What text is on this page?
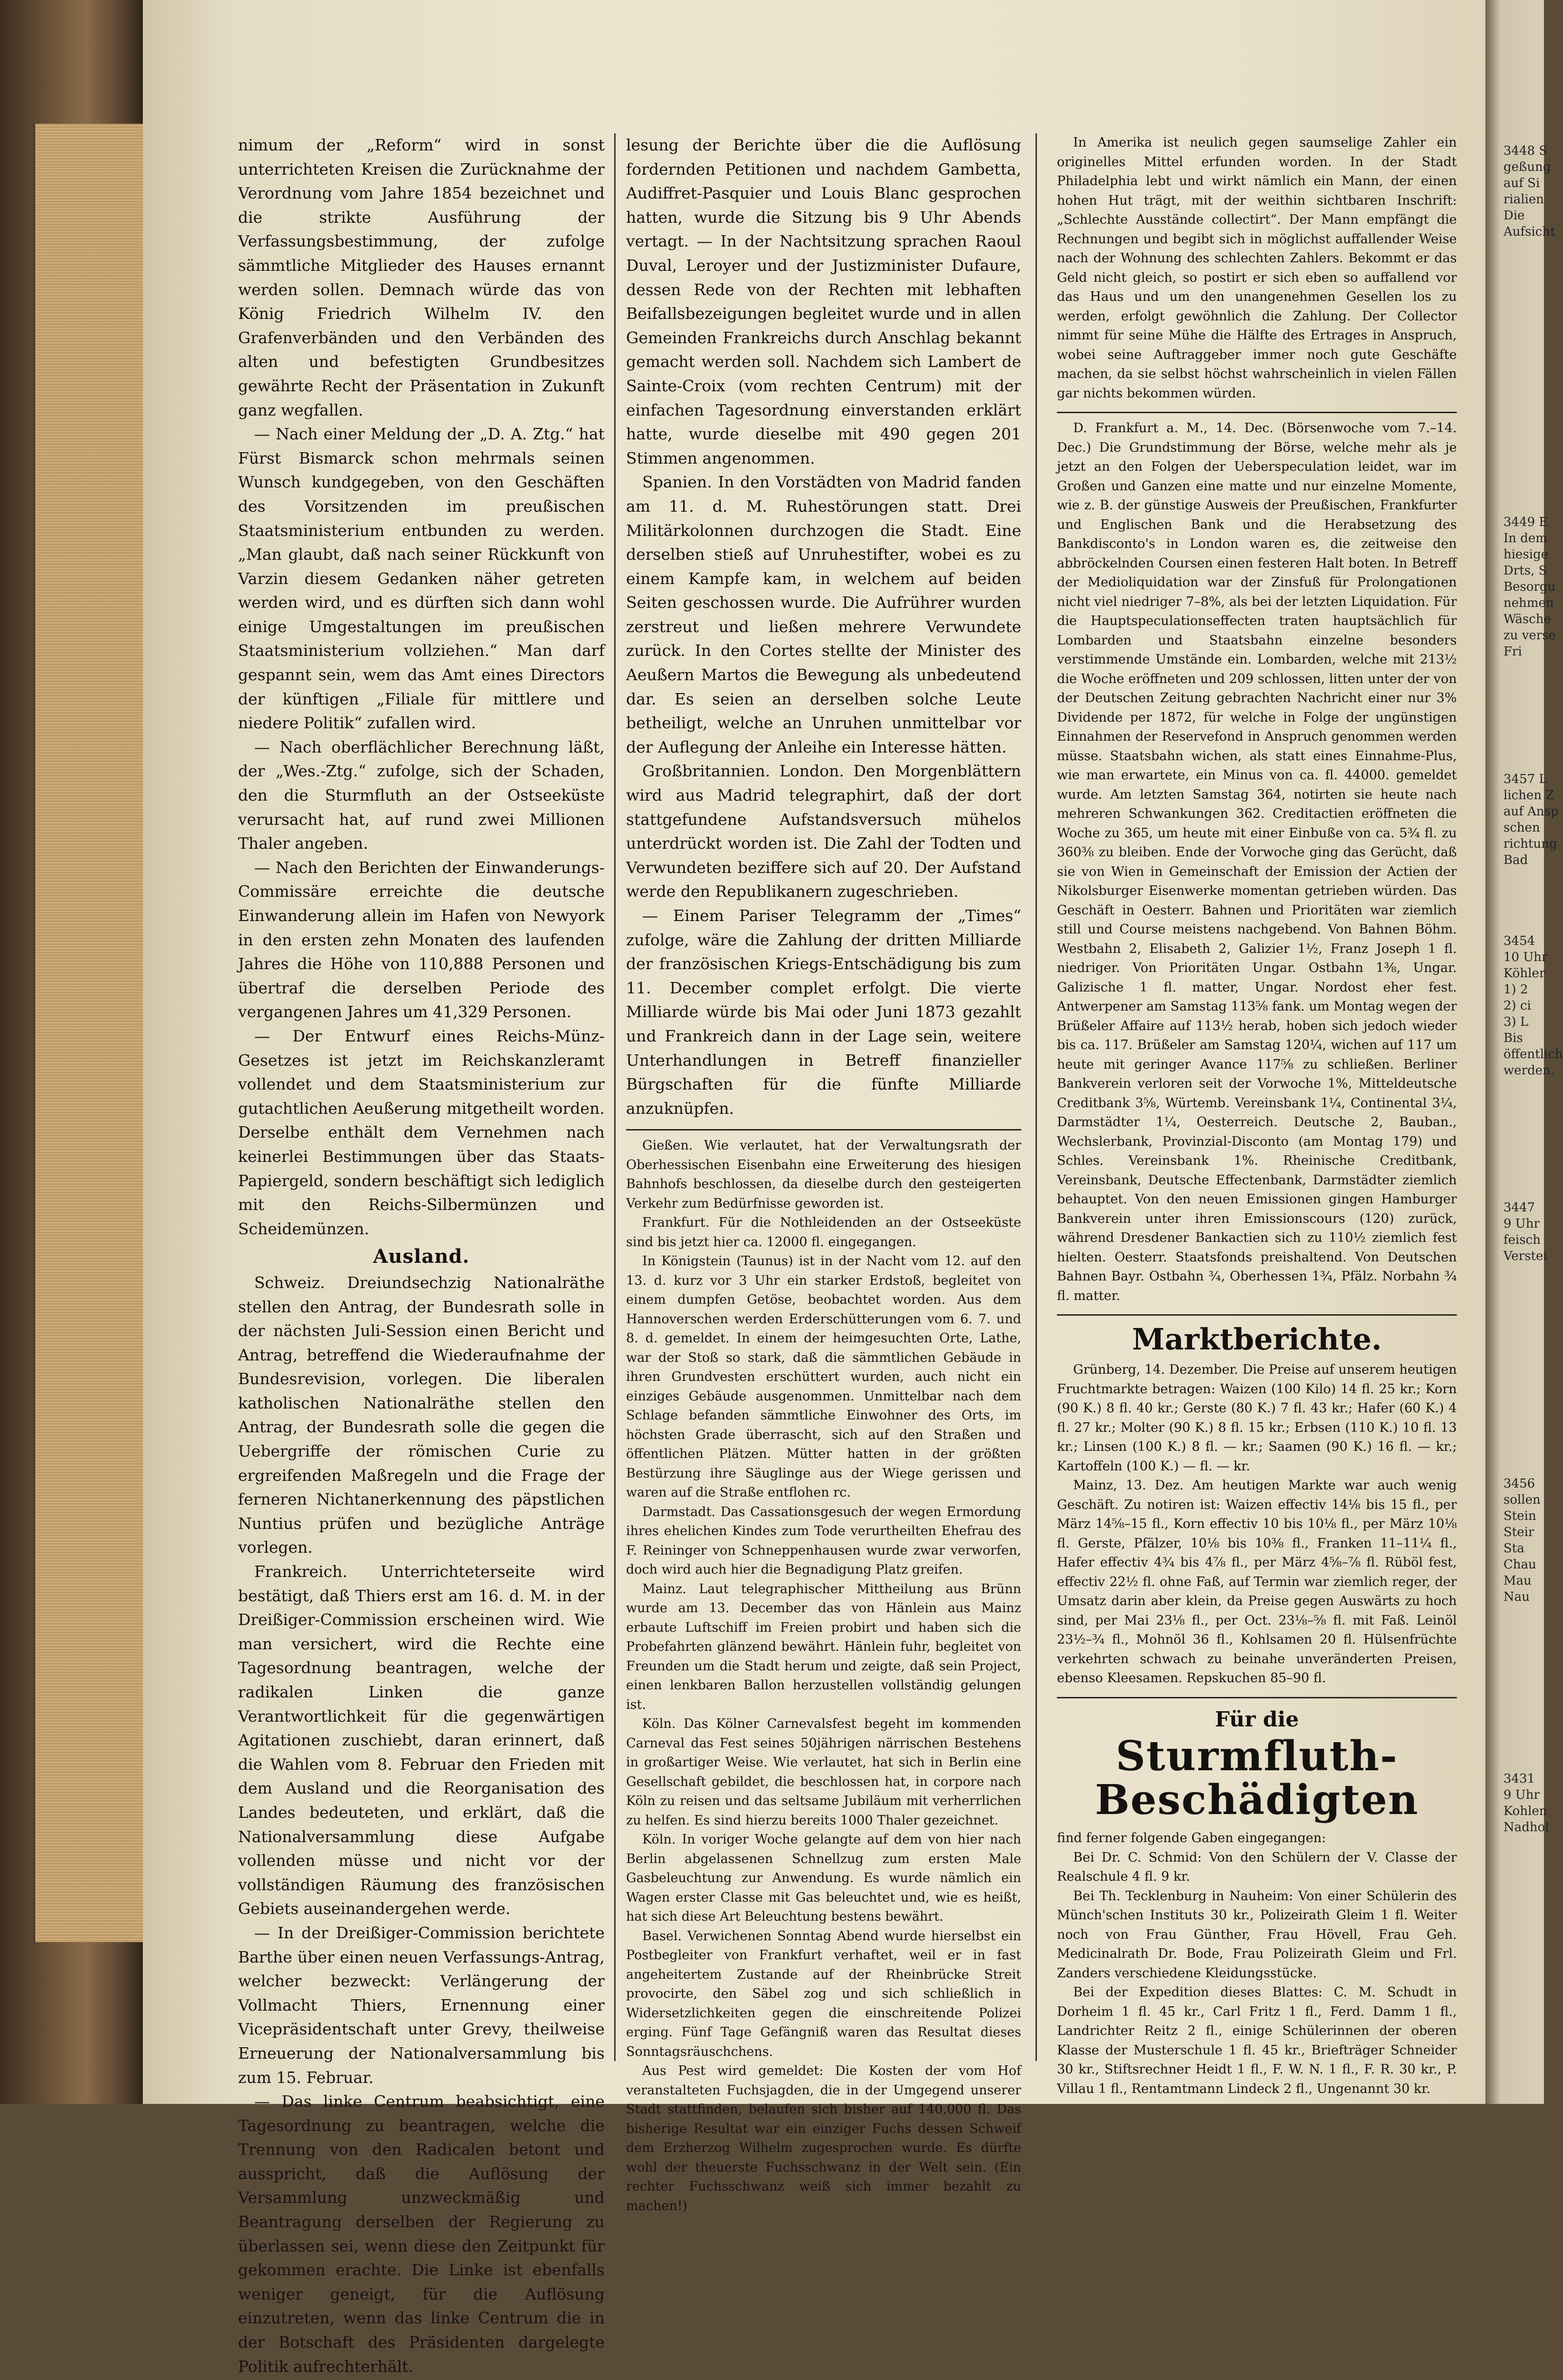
3448 S
geßung
auf Si
rialien
Die
Aufsicht
3449 E
In dem
hiesige
Drts, S
Besorgu
nehmen
Wäsche
zu verse
Fri
3457 L
lichen Z
auf Ansp
schen
richtung
Bad
3454
10 Uhr
Köhler
1) 2
2) ci
3) L
Bis
öffentlich
werden.
3447
9 Uhr
feisch
Verstei
3456
sollen
Stein
Steir
Sta
Chau
Mau
Nau
3431
9 Uhr
Kohlen
Nadhol

nimum der „Reform“ wird in sonst unterrichteten Kreisen die Zurücknahme der Verordnung vom Jahre 1854 bezeichnet und die strikte Ausführung der Verfassungsbestimmung, der zufolge sämmtliche Mitglieder des Hauses ernannt werden sollen. Demnach würde das von König Friedrich Wilhelm IV. den Grafenverbänden und den Verbänden des alten und befestigten Grundbesitzes gewährte Recht der Präsentation in Zukunft ganz wegfallen.

— Nach einer Meldung der „D. A. Ztg.“ hat Fürst Bismarck schon mehrmals seinen Wunsch kundgegeben, von den Geschäften des Vorsitzenden im preußischen Staatsministerium entbunden zu werden. „Man glaubt, daß nach seiner Rückkunft von Varzin diesem Gedanken näher getreten werden wird, und es dürften sich dann wohl einige Umgestaltungen im preußischen Staatsministerium vollziehen.“ Man darf gespannt sein, wem das Amt eines Directors der künftigen „Filiale für mittlere und niedere Politik“ zufallen wird.

— Nach oberflächlicher Berechnung läßt, der „Wes.-Ztg.“ zufolge, sich der Schaden, den die Sturmfluth an der Ostseeküste verursacht hat, auf rund zwei Millionen Thaler angeben.

— Nach den Berichten der Einwanderungs-Commissäre erreichte die deutsche Einwanderung allein im Hafen von Newyork in den ersten zehn Monaten des laufenden Jahres die Höhe von 110,888 Personen und übertraf die derselben Periode des vergangenen Jahres um 41,329 Personen.

— Der Entwurf eines Reichs-Münz-Gesetzes ist jetzt im Reichskanzleramt vollendet und dem Staatsministerium zur gutachtlichen Aeußerung mitgetheilt worden. Derselbe enthält dem Vernehmen nach keinerlei Bestimmungen über das Staats-Papiergeld, sondern beschäftigt sich lediglich mit den Reichs-Silbermünzen und Scheidemünzen.

Ausland.

Schweiz. Dreiundsechzig Nationalräthe stellen den Antrag, der Bundesrath solle in der nächsten Juli-Session einen Bericht und Antrag, betreffend die Wiederaufnahme der Bundesrevision, vorlegen. Die liberalen katholischen Nationalräthe stellen den Antrag, der Bundesrath solle die gegen die Uebergriffe der römischen Curie zu ergreifenden Maßregeln und die Frage der ferneren Nichtanerkennung des päpstlichen Nuntius prüfen und bezügliche Anträge vorlegen.

Frankreich. Unterrichteterseite wird bestätigt, daß Thiers erst am 16. d. M. in der Dreißiger-Commission erscheinen wird. Wie man versichert, wird die Rechte eine Tagesordnung beantragen, welche der radikalen Linken die ganze Verantwortlichkeit für die gegenwärtigen Agitationen zuschiebt, daran erinnert, daß die Wahlen vom 8. Februar den Frieden mit dem Ausland und die Reorganisation des Landes bedeuteten, und erklärt, daß die Nationalversammlung diese Aufgabe vollenden müsse und nicht vor der vollständigen Räumung des französischen Gebiets auseinandergehen werde.

— In der Dreißiger-Commission berichtete Barthe über einen neuen Verfassungs-Antrag, welcher bezweckt: Verlängerung der Vollmacht Thiers, Ernennung einer Vicepräsidentschaft unter Grevy, theilweise Erneuerung der Nationalversammlung bis zum 15. Februar.

— Das linke Centrum beabsichtigt, eine Tagesordnung zu beantragen, welche die Trennung von den Radicalen betont und ausspricht, daß die Auflösung der Versammlung unzweckmäßig und Beantragung derselben der Regierung zu überlassen sei, wenn diese den Zeitpunkt für gekommen erachte. Die Linke ist ebenfalls weniger geneigt, für die Auflösung einzutreten, wenn das linke Centrum die in der Botschaft des Präsidenten dargelegte Politik aufrechterhält.

lesung der Berichte über die die Auflösung fordernden Petitionen und nachdem Gambetta, Audiffret-Pasquier und Louis Blanc gesprochen hatten, wurde die Sitzung bis 9 Uhr Abends vertagt. — In der Nachtsitzung sprachen Raoul Duval, Leroyer und der Justizminister Dufaure, dessen Rede von der Rechten mit lebhaften Beifallsbezeigungen begleitet wurde und in allen Gemeinden Frankreichs durch Anschlag bekannt gemacht werden soll. Nachdem sich Lambert de Sainte-Croix (vom rechten Centrum) mit der einfachen Tagesordnung einverstanden erklärt hatte, wurde dieselbe mit 490 gegen 201 Stimmen angenommen.

Spanien. In den Vorstädten von Madrid fanden am 11. d. M. Ruhestörungen statt. Drei Militärkolonnen durchzogen die Stadt. Eine derselben stieß auf Unruhestifter, wobei es zu einem Kampfe kam, in welchem auf beiden Seiten geschossen wurde. Die Aufrührer wurden zerstreut und ließen mehrere Verwundete zurück. In den Cortes stellte der Minister des Aeußern Martos die Bewegung als unbedeutend dar. Es seien an derselben solche Leute betheiligt, welche an Unruhen unmittelbar vor der Auflegung der Anleihe ein Interesse hätten.

Großbritannien. London. Den Morgenblättern wird aus Madrid telegraphirt, daß der dort stattgefundene Aufstandsversuch mühelos unterdrückt worden ist. Die Zahl der Todten und Verwundeten beziffere sich auf 20. Der Aufstand werde den Republikanern zugeschrieben.

— Einem Pariser Telegramm der „Times“ zufolge, wäre die Zahlung der dritten Milliarde der französischen Kriegs-Entschädigung bis zum 11. December complet erfolgt. Die vierte Milliarde würde bis Mai oder Juni 1873 gezahlt und Frankreich dann in der Lage sein, weitere Unterhandlungen in Betreff finanzieller Bürgschaften für die fünfte Milliarde anzuknüpfen.

Gießen. Wie verlautet, hat der Verwaltungsrath der Oberhessischen Eisenbahn eine Erweiterung des hiesigen Bahnhofs beschlossen, da dieselbe durch den gesteigerten Verkehr zum Bedürfnisse geworden ist.

Frankfurt. Für die Nothleidenden an der Ostseeküste sind bis jetzt hier ca. 12000 fl. eingegangen.

In Königstein (Taunus) ist in der Nacht vom 12. auf den 13. d. kurz vor 3 Uhr ein starker Erdstoß, begleitet von einem dumpfen Getöse, beobachtet worden. Aus dem Hannoverschen werden Erderschütterungen vom 6. 7. und 8. d. gemeldet. In einem der heimgesuchten Orte, Lathe, war der Stoß so stark, daß die sämmtlichen Gebäude in ihren Grundvesten erschüttert wurden, auch nicht ein einziges Gebäude ausgenommen. Unmittelbar nach dem Schlage befanden sämmtliche Einwohner des Orts, im höchsten Grade überrascht, sich auf den Straßen und öffentlichen Plätzen. Mütter hatten in der größten Bestürzung ihre Säuglinge aus der Wiege gerissen und waren auf die Straße entflohen rc.

Darmstadt. Das Cassationsgesuch der wegen Ermordung ihres ehelichen Kindes zum Tode verurtheilten Ehefrau des F. Reininger von Schneppenhausen wurde zwar verworfen, doch wird auch hier die Begnadigung Platz greifen.

Mainz. Laut telegraphischer Mittheilung aus Brünn wurde am 13. December das von Hänlein aus Mainz erbaute Luftschiff im Freien probirt und haben sich die Probefahrten glänzend bewährt. Hänlein fuhr, begleitet von Freunden um die Stadt herum und zeigte, daß sein Project, einen lenkbaren Ballon herzustellen vollständig gelungen ist.

Köln. Das Kölner Carnevalsfest begeht im kommenden Carneval das Fest seines 50jährigen närrischen Bestehens in großartiger Weise. Wie verlautet, hat sich in Berlin eine Gesellschaft gebildet, die beschlossen hat, in corpore nach Köln zu reisen und das seltsame Jubiläum mit verherrlichen zu helfen. Es sind hierzu bereits 1000 Thaler gezeichnet.

Köln. In voriger Woche gelangte auf dem von hier nach Berlin abgelassenen Schnellzug zum ersten Male Gasbeleuchtung zur Anwendung. Es wurde nämlich ein Wagen erster Classe mit Gas beleuchtet und, wie es heißt, hat sich diese Art Beleuchtung bestens bewährt.

Basel. Verwichenen Sonntag Abend wurde hierselbst ein Postbegleiter von Frankfurt verhaftet, weil er in fast angeheitertem Zustande auf der Rheinbrücke Streit provocirte, den Säbel zog und sich schließlich in Widersetzlichkeiten gegen die einschreitende Polizei erging. Fünf Tage Gefängniß waren das Resultat dieses Sonntagsräuschchens.

Aus Pest wird gemeldet: Die Kosten der vom Hof veranstalteten Fuchsjagden, die in der Umgegend unserer Stadt stattfinden, belaufen sich bisher auf 140,000 fl. Das bisherige Resultat war ein einziger Fuchs dessen Schweif dem Erzherzog Wilhelm zugesprochen wurde. Es dürfte wohl der theuerste Fuchsschwanz in der Welt sein. (Ein rechter Fuchsschwanz weiß sich immer bezahlt zu machen!)

In Amerika ist neulich gegen saumselige Zahler ein originelles Mittel erfunden worden. In der Stadt Philadelphia lebt und wirkt nämlich ein Mann, der einen hohen Hut trägt, mit der weithin sichtbaren Inschrift: „Schlechte Ausstände collectirt“. Der Mann empfängt die Rechnungen und begibt sich in möglichst auffallender Weise nach der Wohnung des schlechten Zahlers. Bekommt er das Geld nicht gleich, so postirt er sich eben so auffallend vor das Haus und um den unangenehmen Gesellen los zu werden, erfolgt gewöhnlich die Zahlung. Der Collector nimmt für seine Mühe die Hälfte des Ertrages in Anspruch, wobei seine Auftraggeber immer noch gute Geschäfte machen, da sie selbst höchst wahrscheinlich in vielen Fällen gar nichts bekommen würden.

D. Frankfurt a. M., 14. Dec. (Börsenwoche vom 7.–14. Dec.) Die Grundstimmung der Börse, welche mehr als je jetzt an den Folgen der Ueberspeculation leidet, war im Großen und Ganzen eine matte und nur einzelne Momente, wie z. B. der günstige Ausweis der Preußischen, Frankfurter und Englischen Bank und die Herabsetzung des Bankdisconto's in London waren es, die zeitweise den abbröckelnden Coursen einen festeren Halt boten. In Betreff der Medioliquidation war der Zinsfuß für Prolongationen nicht viel niedriger 7–8%, als bei der letzten Liquidation. Für die Hauptspeculationseffecten traten hauptsächlich für Lombarden und Staatsbahn einzelne besonders verstimmende Umstände ein. Lombarden, welche mit 213½ die Woche eröffneten und 209 schlossen, litten unter der von der Deutschen Zeitung gebrachten Nachricht einer nur 3% Dividende per 1872, für welche in Folge der ungünstigen Einnahmen der Reservefond in Anspruch genommen werden müsse. Staatsbahn wichen, als statt eines Einnahme-Plus, wie man erwartete, ein Minus von ca. fl. 44000. gemeldet wurde. Am letzten Samstag 364, notirten sie heute nach mehreren Schwankungen 362. Creditactien eröffneten die Woche zu 365, um heute mit einer Einbuße von ca. 5¾ fl. zu 360⅜ zu bleiben. Ende der Vorwoche ging das Gerücht, daß sie von Wien in Gemeinschaft der Emission der Actien der Nikolsburger Eisenwerke momentan getrieben würden. Das Geschäft in Oesterr. Bahnen und Prioritäten war ziemlich still und Course meistens nachgebend. Von Bahnen Böhm. Westbahn 2, Elisabeth 2, Galizier 1½, Franz Joseph 1 fl. niedriger. Von Prioritäten Ungar. Ostbahn 1⅜, Ungar. Galizische 1 fl. matter, Ungar. Nordost eher fest. Antwerpener am Samstag 113⅝ fank. um Montag wegen der Brüßeler Affaire auf 113½ herab, hoben sich jedoch wieder bis ca. 117. Brüßeler am Samstag 120¼, wichen auf 117 um heute mit geringer Avance 117⅝ zu schließen. Berliner Bankverein verloren seit der Vorwoche 1%, Mitteldeutsche Creditbank 3⅝, Würtemb. Vereinsbank 1¼, Continental 3¼, Darmstädter 1¼, Oesterreich. Deutsche 2, Bauban., Wechslerbank, Provinzial-Disconto (am Montag 179) und Schles. Vereinsbank 1%. Rheinische Creditbank, Vereinsbank, Deutsche Effectenbank, Darmstädter ziemlich behauptet. Von den neuen Emissionen gingen Hamburger Bankverein unter ihren Emissionscours (120) zurück, während Dresdener Bankactien sich zu 110½ ziemlich fest hielten. Oesterr. Staatsfonds preishaltend. Von Deutschen Bahnen Bayr. Ostbahn ¾, Oberhessen 1¾, Pfälz. Norbahn ¾ fl. matter.

Marktberichte.

Grünberg, 14. Dezember. Die Preise auf unserem heutigen Fruchtmarkte betragen: Waizen (100 Kilo) 14 fl. 25 kr.; Korn (90 K.) 8 fl. 40 kr.; Gerste (80 K.) 7 fl. 43 kr.; Hafer (60 K.) 4 fl. 27 kr.; Molter (90 K.) 8 fl. 15 kr.; Erbsen (110 K.) 10 fl. 13 kr.; Linsen (100 K.) 8 fl. — kr.; Saamen (90 K.) 16 fl. — kr.; Kartoffeln (100 K.) — fl. — kr.

Mainz, 13. Dez. Am heutigen Markte war auch wenig Geschäft. Zu notiren ist: Waizen effectiv 14⅛ bis 15 fl., per März 14⅝–15 fl., Korn effectiv 10 bis 10⅛ fl., per März 10⅛ fl. Gerste, Pfälzer, 10⅛ bis 10⅜ fl., Franken 11–11¼ fl., Hafer effectiv 4¾ bis 4⅞ fl., per März 4⅝–⅞ fl. Rüböl fest, effectiv 22½ fl. ohne Faß, auf Termin war ziemlich reger, der Umsatz darin aber klein, da Preise gegen Auswärts zu hoch sind, per Mai 23⅛ fl., per Oct. 23⅛–⅝ fl. mit Faß. Leinöl 23½–¾ fl., Mohnöl 36 fl., Kohlsamen 20 fl. Hülsenfrüchte verkehrten schwach zu beinahe unveränderten Preisen, ebenso Kleesamen. Repskuchen 85–90 fl.

Für die
Sturmfluth-Beschädigten

find ferner folgende Gaben eingegangen:

Bei Dr. C. Schmid: Von den Schülern der V. Classe der Realschule 4 fl. 9 kr.

Bei Th. Tecklenburg in Nauheim: Von einer Schülerin des Münch'schen Instituts 30 kr., Polizeirath Gleim 1 fl. Weiter noch von Frau Günther, Frau Hövell, Frau Geh. Medicinalrath Dr. Bode, Frau Polizeirath Gleim und Frl. Zanders verschiedene Kleidungsstücke.

Bei der Expedition dieses Blattes: C. M. Schudt in Dorheim 1 fl. 45 kr., Carl Fritz 1 fl., Ferd. Damm 1 fl., Landrichter Reitz 2 fl., einige Schülerinnen der oberen Klasse der Musterschule 1 fl. 45 kr., Briefträger Schneider 30 kr., Stiftsrechner Heidt 1 fl., F. W. N. 1 fl., F. R. 30 kr., P. Villau 1 fl., Rentamtmann Lindeck 2 fl., Ungenannt 30 kr.
